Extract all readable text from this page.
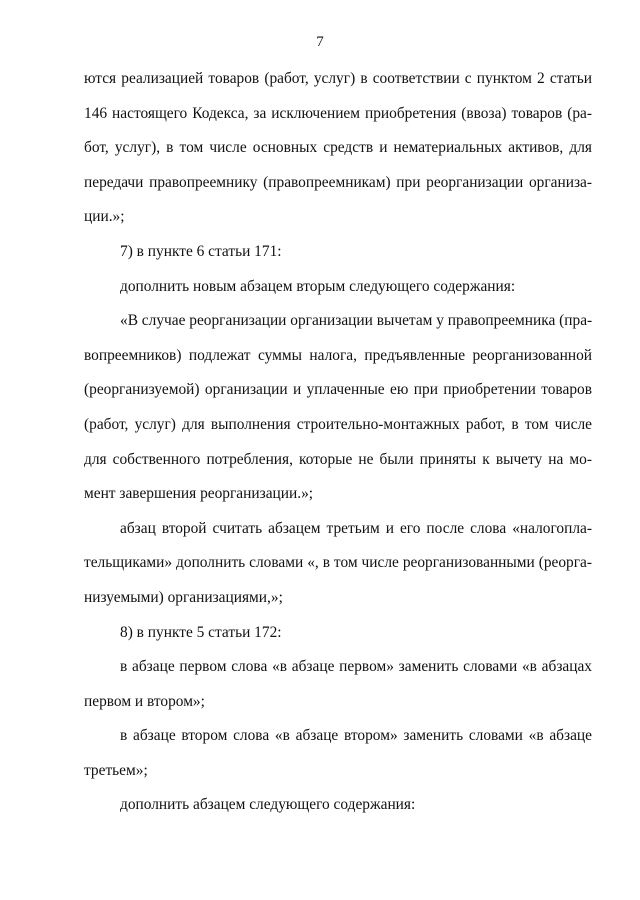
7
ются реализацией товаров (работ, услуг) в соответствии с пунктом 2 статьи
146 настоящего Кодекса, за исключением приобретения (ввоза) товаров (ра-
бот, услуг), в том числе основных средств и нематериальных активов, для
передачи правопреемнику (правопреемникам) при реорганизации организа-
ции.»;
7) в пункте 6 статьи 171:
дополнить новым абзацем вторым следующего содержания:
«В случае реорганизации организации вычетам у правопреемника (пра-
вопреемников) подлежат суммы налога, предъявленные реорганизованной
(реорганизуемой) организации и уплаченные ею при приобретении товаров
(работ, услуг) для выполнения строительно-монтажных работ, в том числе
для собственного потребления, которые не были приняты к вычету на мо-
мент завершения реорганизации.»;
абзац второй считать абзацем третьим и его после слова «налогопла-
тельщиками» дополнить словами «, в том числе реорганизованными (реорга-
низуемыми) организациями,»;
8) в пункте 5 статьи 172:
в абзаце первом слова «в абзаце первом» заменить словами «в абзацах
первом и втором»;
в абзаце втором слова «в абзаце втором» заменить словами «в абзаце
третьем»;
дополнить абзацем следующего содержания:
